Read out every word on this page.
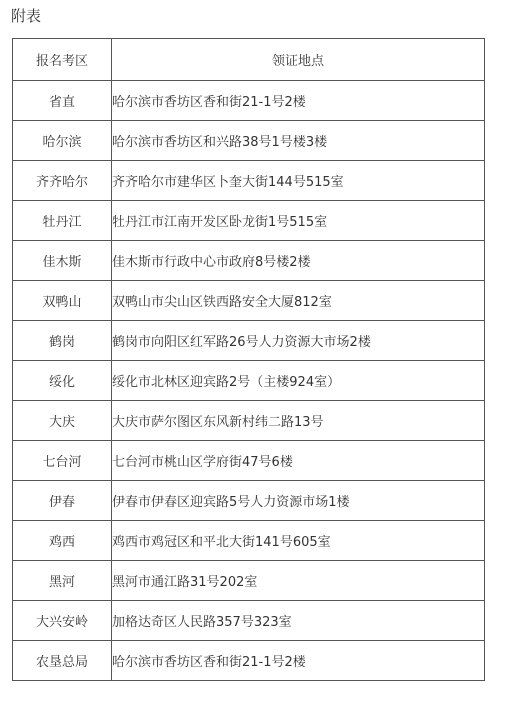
附表
报名考区	领证地点
省直	哈尔滨市香坊区香和街21-1号2楼
哈尔滨	哈尔滨市香坊区和兴路38号1号楼3楼
齐齐哈尔	齐齐哈尔市建华区卜奎大街144号515室
牡丹江	牡丹江市江南开发区卧龙街1号515室
佳木斯	佳木斯市行政中心市政府8号楼2楼
双鸭山	双鸭山市尖山区铁西路安全大厦812室
鹤岗	鹤岗市向阳区红军路26号人力资源大市场2楼
绥化	绥化市北林区迎宾路2号（主楼924室）
大庆	大庆市萨尔图区东风新村纬二路13号
七台河	七台河市桃山区学府街47号6楼
伊春	伊春市伊春区迎宾路5号人力资源市场1楼
鸡西	鸡西市鸡冠区和平北大街141号605室
黑河	黑河市通江路31号202室
大兴安岭	加格达奇区人民路357号323室
农垦总局	哈尔滨市香坊区香和街21-1号2楼
